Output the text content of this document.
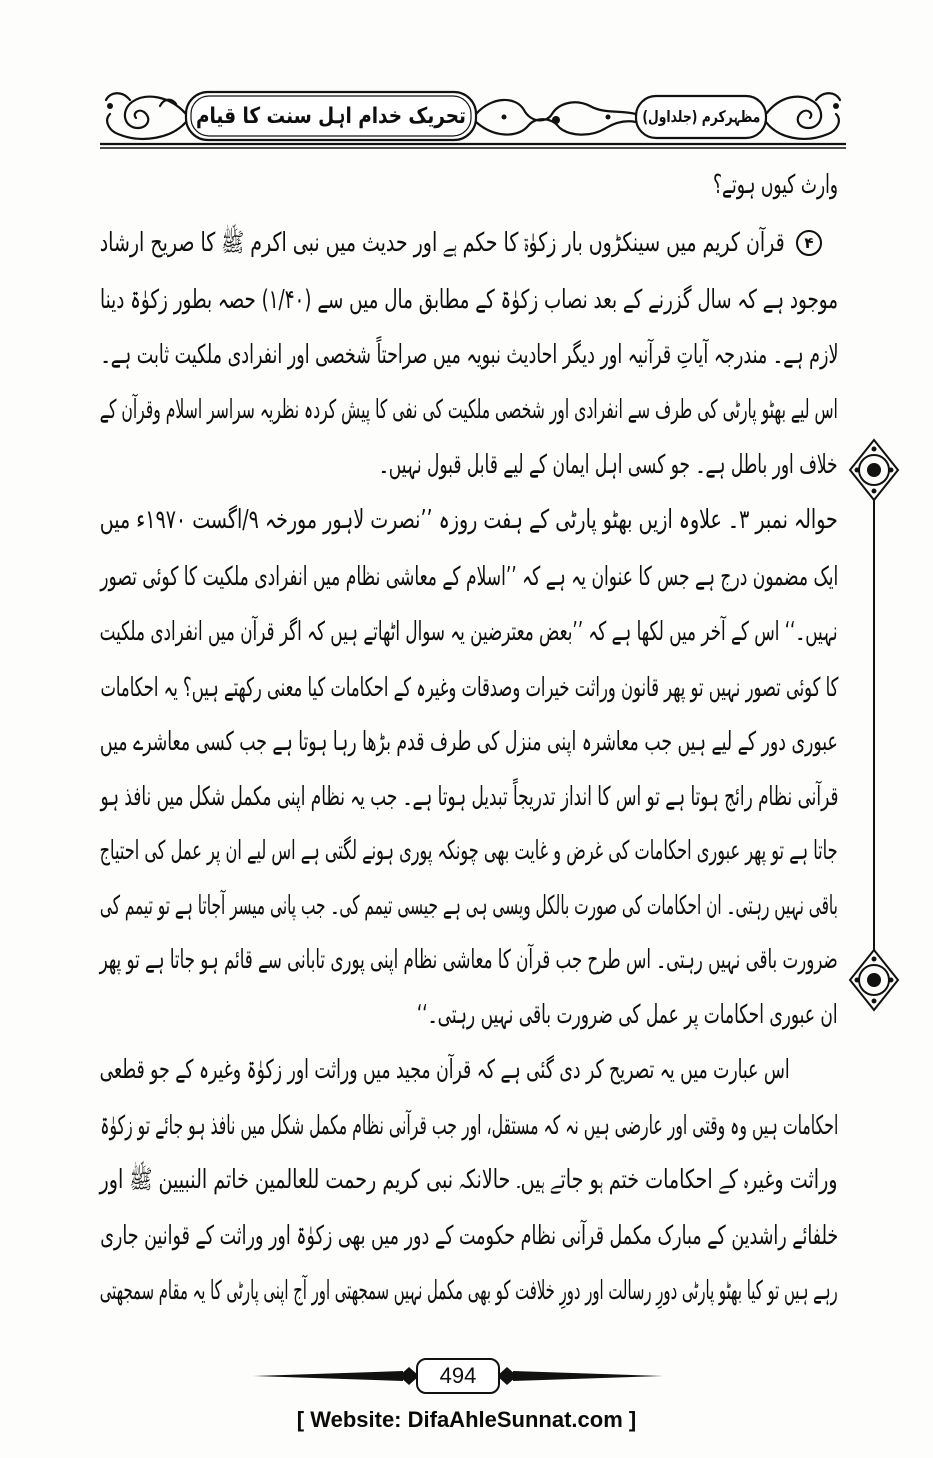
تحریک خدام اہل سنت کا قیام	مظہرکرم (جلداول)
وارث کیوں ہوتے؟
۴
قرآن کریم میں سینکڑوں بار زکوٰۃ کا حکم ہے اور حدیث میں نبی اکرم ﷺ کا صریح ارشاد
موجود ہے کہ سال گزرنے کے بعد نصاب زکوٰۃ کے مطابق مال میں سے (۱/۴۰) حصہ بطور زکوٰۃ دینا
لازم ہے۔ مندرجہ آیاتِ قرآنیہ اور دیگر احادیث نبویہ میں صراحتاً شخصی اور انفرادی ملکیت ثابت ہے۔
اس لیے بھٹو پارٹی کی طرف سے انفرادی اور شخصی ملکیت کی نفی کا پیش کردہ نظریہ سراسر اسلام وقرآن کے
خلاف اور باطل ہے۔ جو کسی اہل ایمان کے لیے قابل قبول نہیں۔
حوالہ نمبر ۳۔ علاوہ ازیں بھٹو پارٹی کے ہفت روزہ ’’نصرت لاہور مورخہ ۹/اگست ۱۹۷۰ء میں
ایک مضمون درج ہے جس کا عنوان یہ ہے کہ ’’اسلام کے معاشی نظام میں انفرادی ملکیت کا کوئی تصور
نہیں۔‘‘ اس کے آخر میں لکھا ہے کہ ’’بعض معترضین یہ سوال اٹھاتے ہیں کہ اگر قرآن میں انفرادی ملکیت
کا کوئی تصور نہیں تو پھر قانون وراثت خیرات وصدقات وغیرہ کے احکامات کیا معنی رکھتے ہیں؟ یہ احکامات
عبوری دور کے لیے ہیں جب معاشرہ اپنی منزل کی طرف قدم بڑھا رہا ہوتا ہے جب کسی معاشرے میں
قرآنی نظام رائج ہوتا ہے تو اس کا انداز تدریجاً تبدیل ہوتا ہے۔ جب یہ نظام اپنی مکمل شکل میں نافذ ہو
جاتا ہے تو پھر عبوری احکامات کی غرض و غایت بھی چونکہ پوری ہونے لگتی ہے اس لیے ان پر عمل کی احتیاج
باقی نہیں رہتی۔ ان احکامات کی صورت بالکل ویسی ہی ہے جیسی تیمم کی۔ جب پانی میسر آجاتا ہے تو تیمم کی
ضرورت باقی نہیں رہتی۔ اس طرح جب قرآن کا معاشی نظام اپنی پوری تابانی سے قائم ہو جاتا ہے تو پھر
ان عبوری احکامات پر عمل کی ضرورت باقی نہیں رہتی۔‘‘
اس عبارت میں یہ تصریح کر دی گئی ہے کہ قرآن مجید میں وراثت اور زکوٰۃ وغیرہ کے جو قطعی
احکامات ہیں وہ وقتی اور عارضی ہیں نہ کہ مستقل، اور جب قرآنی نظام مکمل شکل میں نافذ ہو جائے تو زکوٰۃ
وراثت وغیرہ کے احکامات ختم ہو جاتے ہیں۔ حالانکہ نبی کریم رحمت للعالمین خاتم النبیین ﷺ اور
خلفائے راشدین کے مبارک مکمل قرآنی نظام حکومت کے دور میں بھی زکوٰۃ اور وراثت کے قوانین جاری
رہے ہیں تو کیا بھٹو پارٹی دورِ رسالت اور دورِ خلافت کو بھی مکمل نہیں سمجھتی اور آج اپنی پارٹی کا یہ مقام سمجھتی
494
[ Website: DifaAhleSunnat.com ]
